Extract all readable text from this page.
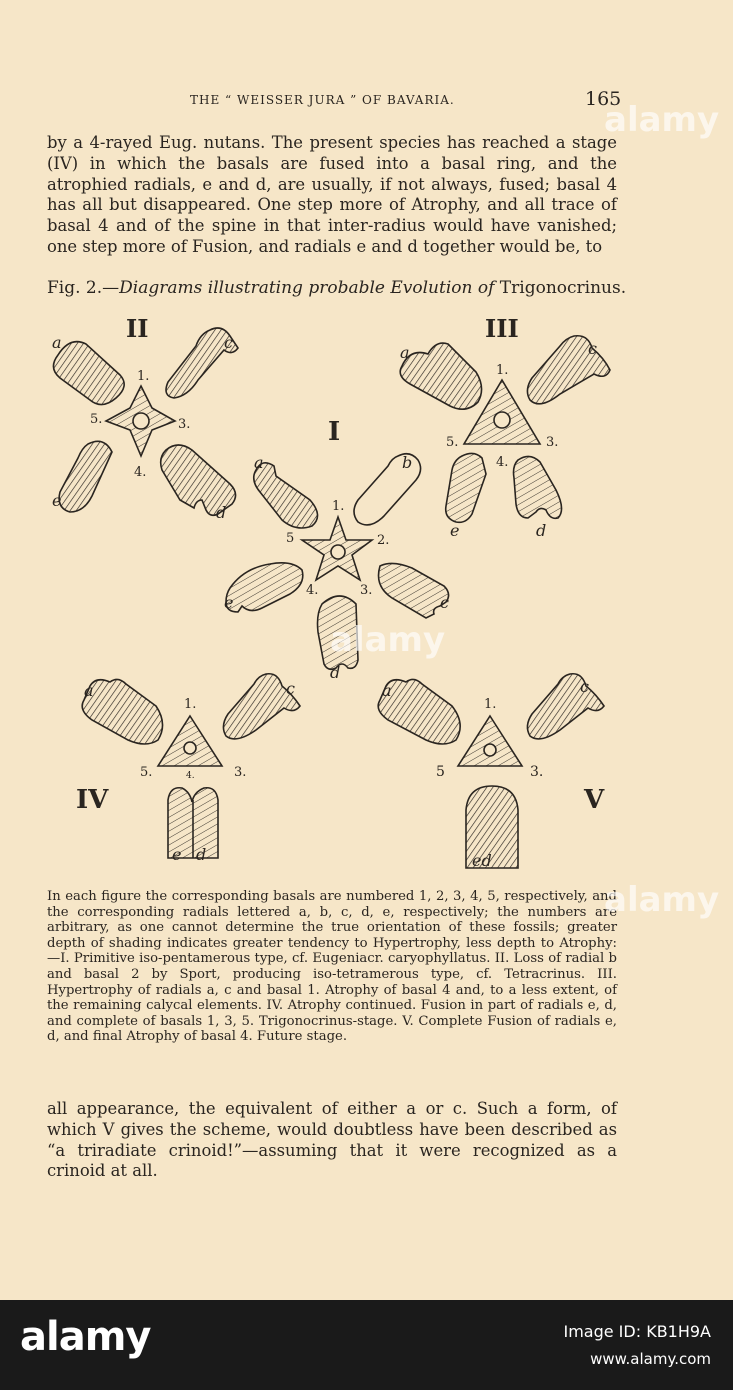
THE “ WEISSER JURA ” OF BAVARIA.	165

by a 4-rayed Eug. nutans. The present species has reached a stage (IV) in which the basals are fused into a basal ring, and the atrophied radials, e and d, are usually, if not always, fused; basal 4 has all but disappeared. One step more of Atrophy, and all trace of basal 4 and of the spine in that inter-radius would have vanished; one step more of Fusion, and radials e and d together would be, to

Fig. 2.—Diagrams illustrating probable Evolution of Trigonocrinus.
II
a	c
1.
5.	3.
4.
e
d
III
a	c
1.
5.	3.
4.
e	d
I
a	b
1.
5	2.
4.	3.
e	c
d
a	c
1.
5.	3.
4.
IV
e d
a	c
1.
5	3.
V
ed

In each figure the corresponding basals are numbered 1, 2, 3, 4, 5, respectively, and the corresponding radials lettered a, b, c, d, e, respectively; the numbers are arbitrary, as one cannot determine the true orientation of these fossils; greater depth of shading indicates greater tendency to Hypertrophy, less depth to Atrophy:—I. Primitive iso-pentamerous type, cf. Eugeniacr. caryophyllatus. II. Loss of radial b and basal 2 by Sport, producing iso-tetramerous type, cf. Tetracrinus. III. Hypertrophy of radials a, c and basal 1. Atrophy of basal 4 and, to a less extent, of the remaining calycal elements. IV. Atrophy continued. Fusion in part of radials e, d, and complete of basals 1, 3, 5. Trigonocrinus-stage. V. Complete Fusion of radials e, d, and final Atrophy of basal 4. Future stage.

all appearance, the equivalent of either a or c. Such a form, of which V gives the scheme, would doubtless have been described as “a triradiate crinoid!”—assuming that it were recognized as a crinoid at all.

alamy
alamy
alamy
alamy	Image ID: KB1H9A
www.alamy.com
